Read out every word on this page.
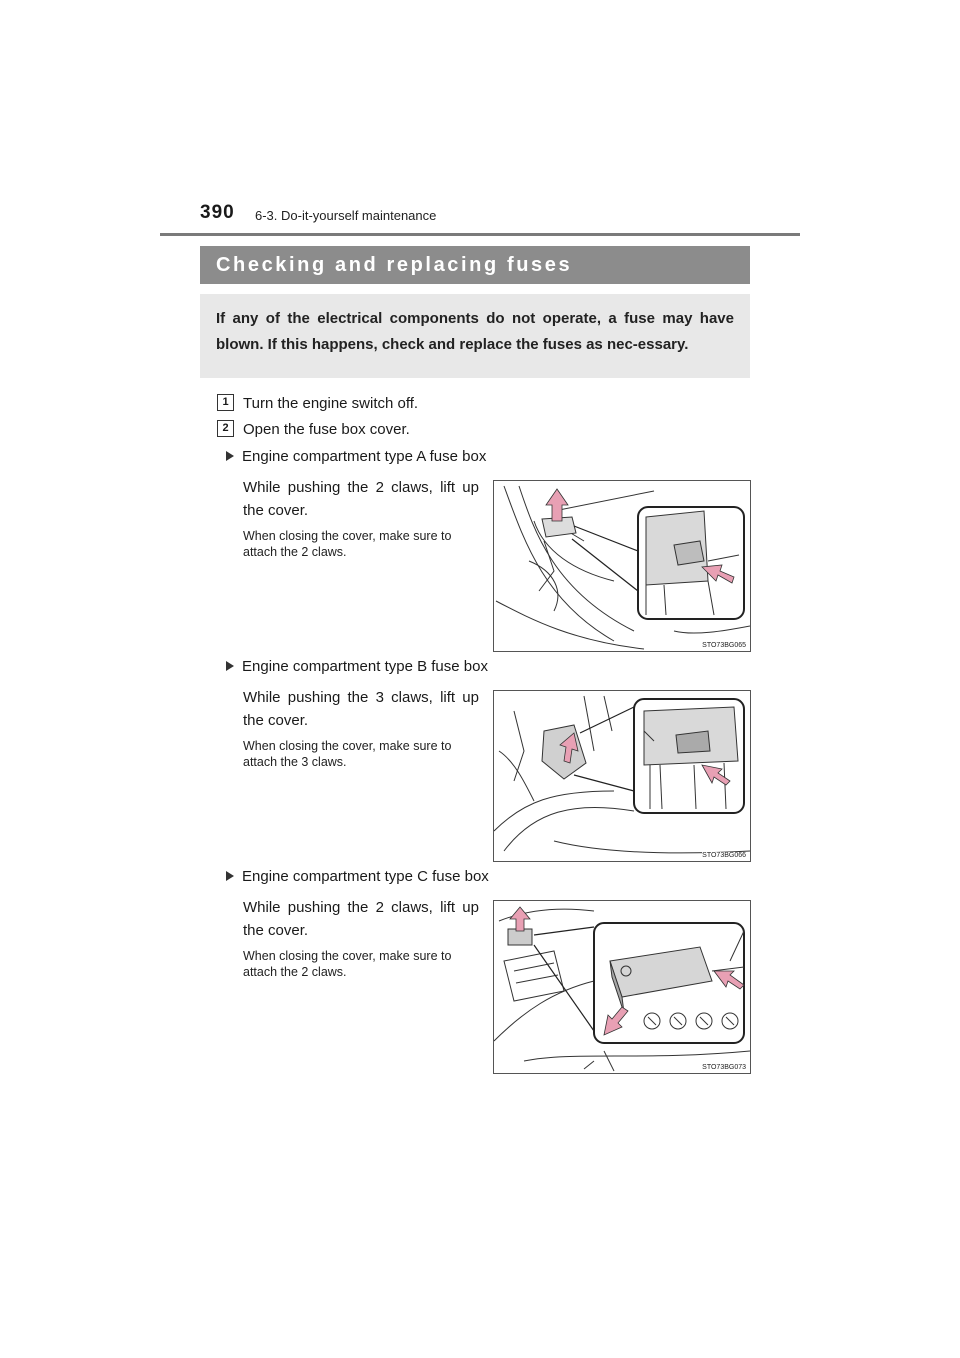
390 6-3. Do-it-yourself maintenance
Checking and replacing fuses
If any of the electrical components do not operate, a fuse may have blown. If this happens, check and replace the fuses as nec-essary.
1 Turn the engine switch off.
2 Open the fuse box cover.
Engine compartment type A fuse box
While pushing the 2 claws, lift up the cover.
When closing the cover, make sure to attach the 2 claws.
STO73BG065
Engine compartment type B fuse box
While pushing the 3 claws, lift up the cover.
When closing the cover, make sure to attach the 3 claws.
STO73BG066
Engine compartment type C fuse box
While pushing the 2 claws, lift up the cover.
When closing the cover, make sure to attach the 2 claws.
STO73BG073
